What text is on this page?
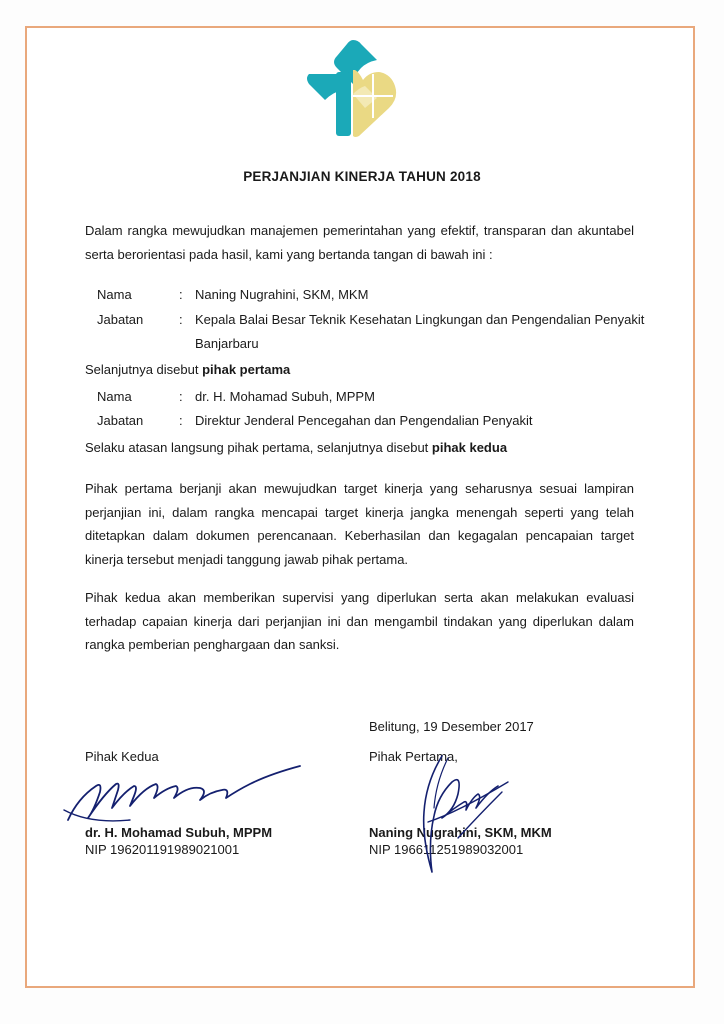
PERJANJIAN KINERJA TAHUN 2018
Dalam rangka mewujudkan manajemen pemerintahan yang efektif, transparan dan akuntabel serta berorientasi pada hasil, kami yang bertanda tangan di bawah ini :
Nama	: Naning Nugrahini, SKM, MKM
Jabatan	: Kepala Balai Besar Teknik Kesehatan Lingkungan dan Pengendalian Penyakit Banjarbaru
Selanjutnya disebut pihak pertama
Nama	: dr. H. Mohamad Subuh, MPPM
Jabatan	: Direktur Jenderal Pencegahan dan Pengendalian Penyakit
Selaku atasan langsung pihak pertama, selanjutnya disebut pihak kedua
Pihak pertama berjanji akan mewujudkan target kinerja yang seharusnya sesuai lampiran perjanjian ini, dalam rangka mencapai target kinerja jangka menengah seperti yang telah ditetapkan dalam dokumen perencanaan. Keberhasilan dan kegagalan pencapaian target kinerja tersebut menjadi tanggung jawab pihak pertama.
Pihak kedua akan memberikan supervisi yang diperlukan serta akan melakukan evaluasi terhadap capaian kinerja dari perjanjian ini dan mengambil tindakan yang diperlukan dalam rangka pemberian penghargaan dan sanksi.
Belitung, 19 Desember 2017
Pihak Kedua
dr. H. Mohamad Subuh, MPPM
NIP 196201191989021001
Pihak Pertama,
Naning Nugrahini, SKM, MKM
NIP 196611251989032001
